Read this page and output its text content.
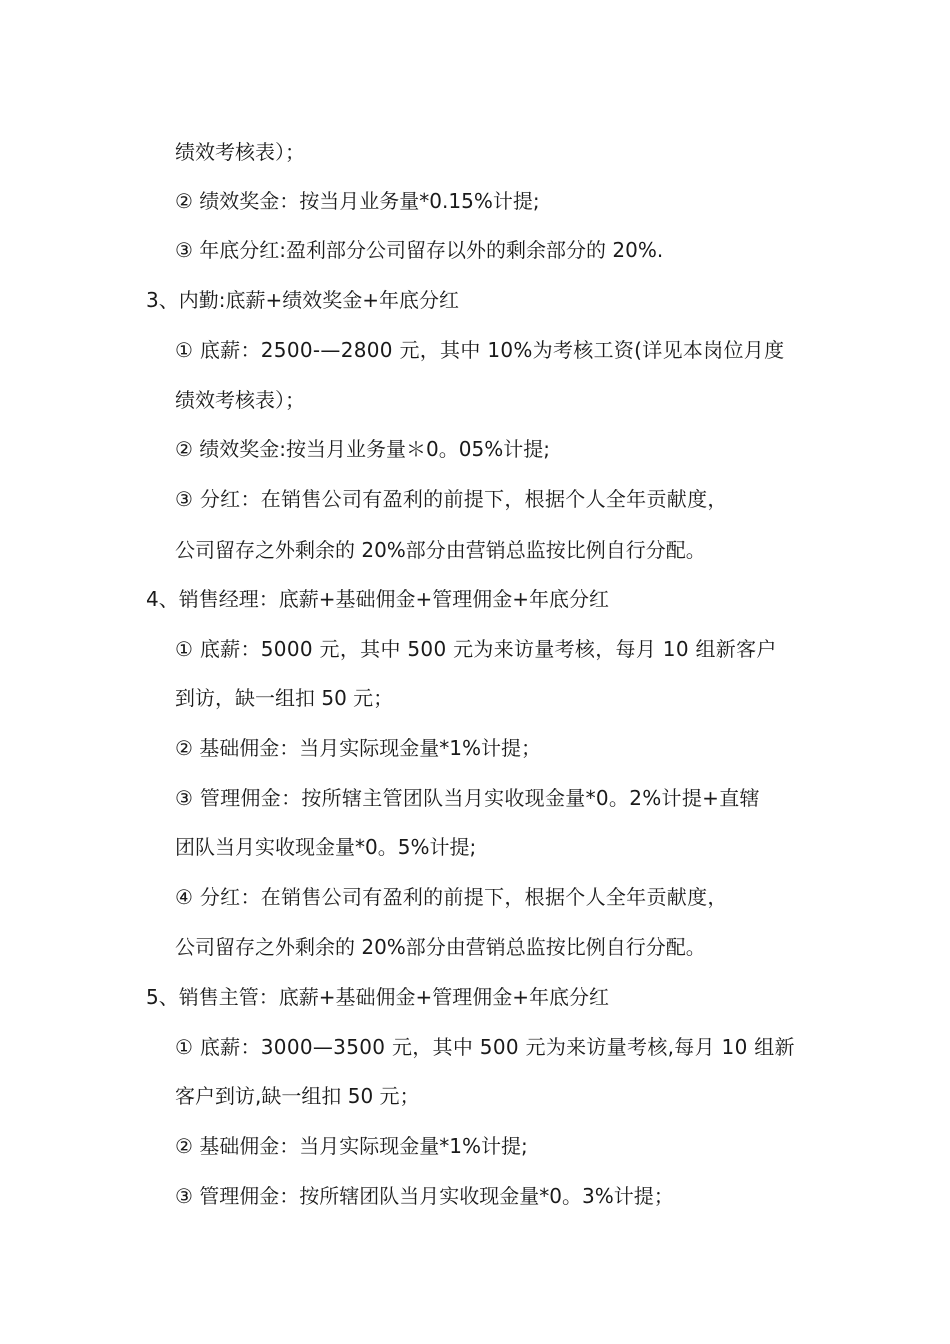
绩效考核表）；
② 绩效奖金：按当月业务量*0.15%计提;
③ 年底分红:盈利部分公司留存以外的剩余部分的 20%.
3、内勤:底薪+绩效奖金+年底分红
① 底薪：2500-—2800 元，其中 10%为考核工资(详见本岗位月度
绩效考核表）；
② 绩效奖金:按当月业务量＊0。05%计提;
③ 分红：在销售公司有盈利的前提下，根据个人全年贡献度，
公司留存之外剩余的 20%部分由营销总监按比例自行分配。
4、销售经理：底薪+基础佣金+管理佣金+年底分红
① 底薪：5000 元，其中 500 元为来访量考核，每月 10 组新客户
到访，缺一组扣 50 元；
② 基础佣金：当月实际现金量*1%计提；
③ 管理佣金：按所辖主管团队当月实收现金量*0。2%计提+直辖
团队当月实收现金量*0。5%计提;
④ 分红：在销售公司有盈利的前提下，根据个人全年贡献度，
公司留存之外剩余的 20%部分由营销总监按比例自行分配。
5、销售主管：底薪+基础佣金+管理佣金+年底分红
① 底薪：3000—3500 元，其中 500 元为来访量考核,每月 10 组新
客户到访,缺一组扣 50 元；
② 基础佣金：当月实际现金量*1%计提;
③ 管理佣金：按所辖团队当月实收现金量*0。3%计提；
